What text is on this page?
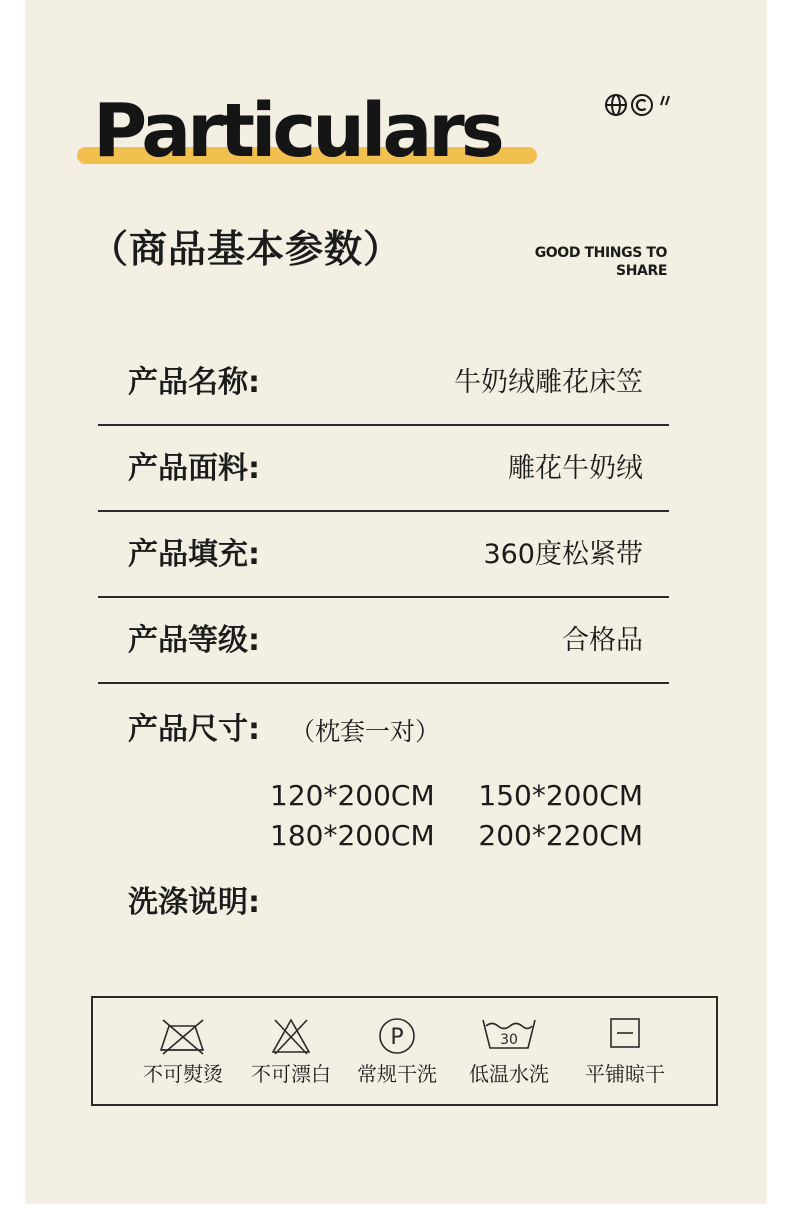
Particulars
（商品基本参数）	GOOD THINGS TO
SHARE
产品名称:	牛奶绒雕花床笠
产品面料:	雕花牛奶绒
产品填充:	360度松紧带
产品等级:	合格品
产品尺寸: （枕套一对）
120*200CM	150*200CM
180*200CM	200*220CM
洗涤说明:
不可熨烫	不可漂白
P
常规干洗
30
低温水洗	平铺晾干
